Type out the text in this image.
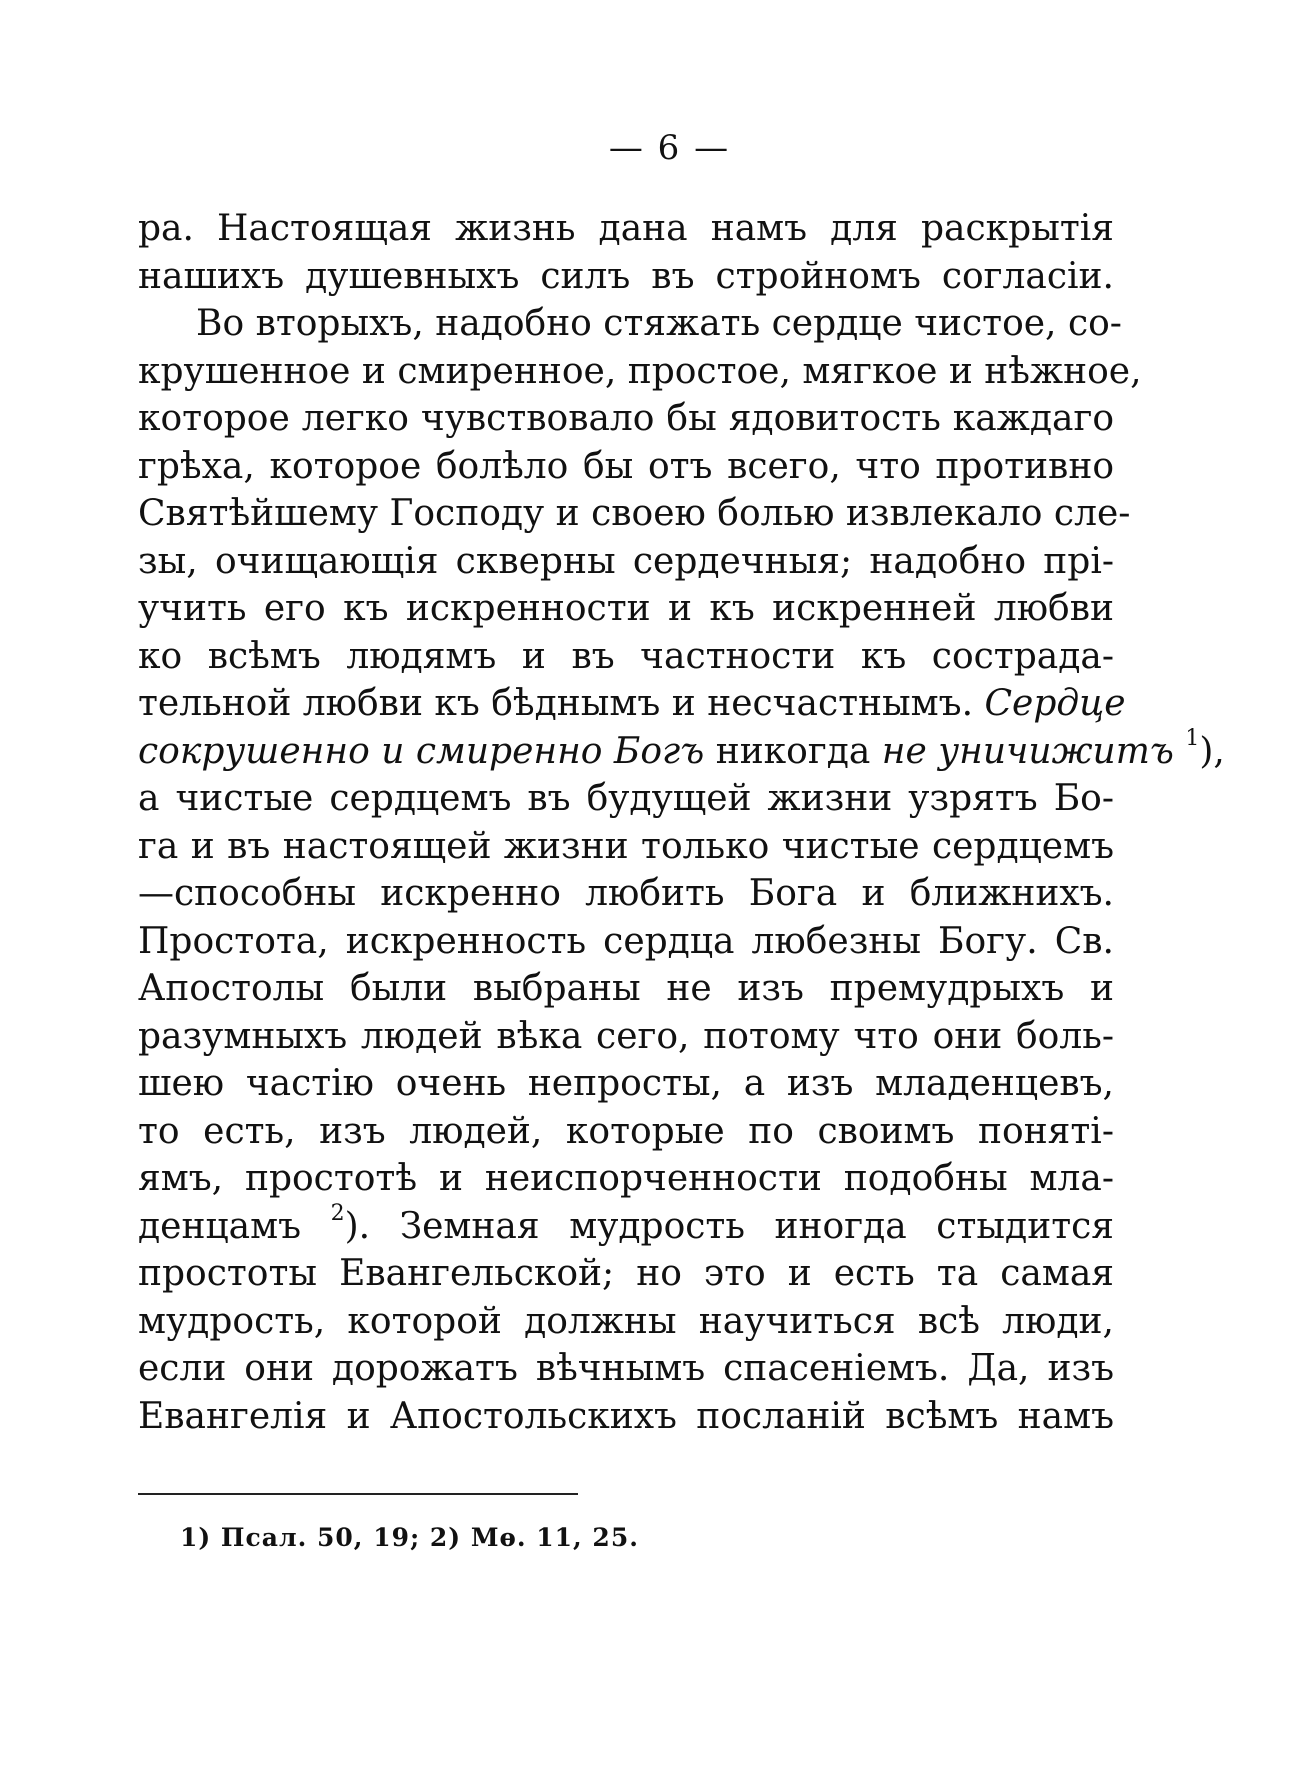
— 6 —
ра. Настоящая жизнь дана намъ для раскрытія
нашихъ душевныхъ силъ въ стройномъ согласіи.
Во вторыхъ, надобно стяжать сердце чистое, со-
крушенное и смиренное, простое, мягкое и нѣжное,
которое легко чувствовало бы ядовитость каждаго
грѣха, которое болѣло бы отъ всего, что противно
Святѣйшему Господу и своею болью извлекало сле-
зы, очищающія скверны сердечныя; надобно прі-
учить его къ искренности и къ искренней любви
ко всѣмъ людямъ и въ частности къ сострада-
тельной любви къ бѣднымъ и несчастнымъ. Сердце
сокрушенно и смиренно Богъ никогда не уничижитъ $^1$),
а чистые сердцемъ въ будущей жизни узрятъ Бо-
га и въ настоящей жизни только чистые сердцемъ
—способны искренно любить Бога и ближнихъ.
Простота, искренность сердца любезны Богу. Св.
Апостолы были выбраны не изъ премудрыхъ и
разумныхъ людей вѣка сего, потому что они боль-
шею частію очень непросты, а изъ младенцевъ,
то есть, изъ людей, которые по своимъ поняті-
ямъ, простотѣ и неиспорченности подобны мла-
денцамъ $^2$). Земная мудрость иногда стыдится
простоты Евангельской; но это и есть та самая
мудрость, которой должны научиться всѣ люди,
если они дорожатъ вѣчнымъ спасеніемъ. Да, изъ
Евангелія и Апостольскихъ посланій всѣмъ намъ
1) Псал. 50, 19; 2) Мѳ. 11, 25.
